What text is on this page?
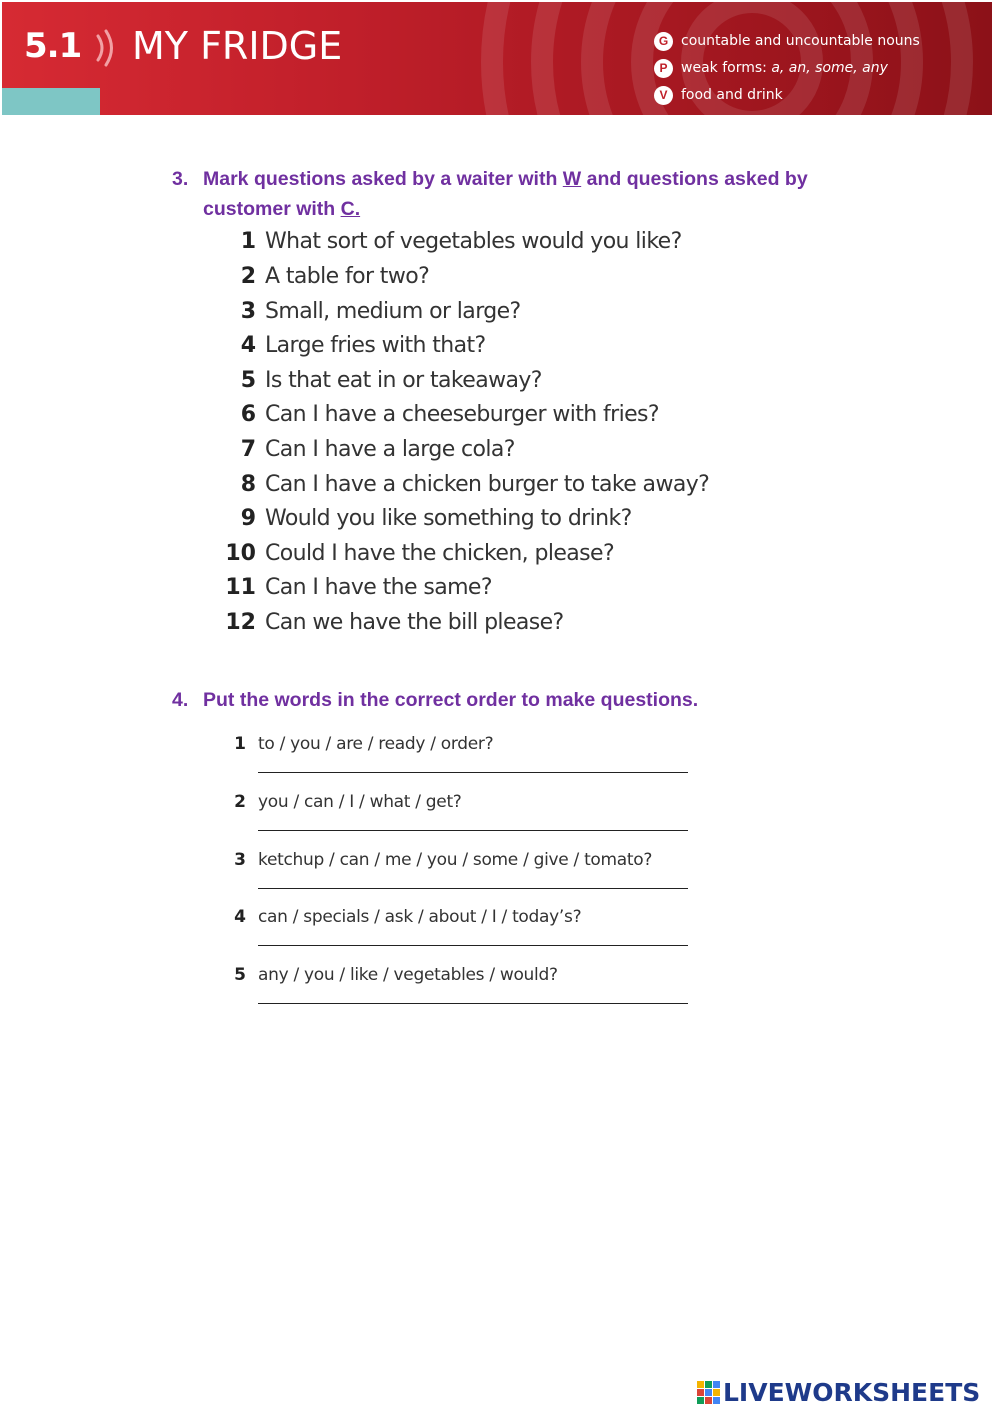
5.1 MY FRIDGE	G countable and uncountable nouns
P weak forms: a, an, some, any
V food and drink
3. Mark questions asked by a waiter with W and questions asked by
customer with C.
1 What sort of vegetables would you like?
2 A table for two?
3 Small, medium or large?
4 Large fries with that?
5 Is that eat in or takeaway?
6 Can I have a cheeseburger with fries?
7 Can I have a large cola?
8 Can I have a chicken burger to take away?
9 Would you like something to drink?
10 Could I have the chicken, please?
11 Can I have the same?
12 Can we have the bill please?
4. Put the words in the correct order to make questions.
1 to / you / are / ready / order?
2 you / can / I / what / get?
3 ketchup / can / me / you / some / give / tomato?
4 can / specials / ask / about / I / today’s?
5 any / you / like / vegetables / would?
LIVEWORKSHEETS
